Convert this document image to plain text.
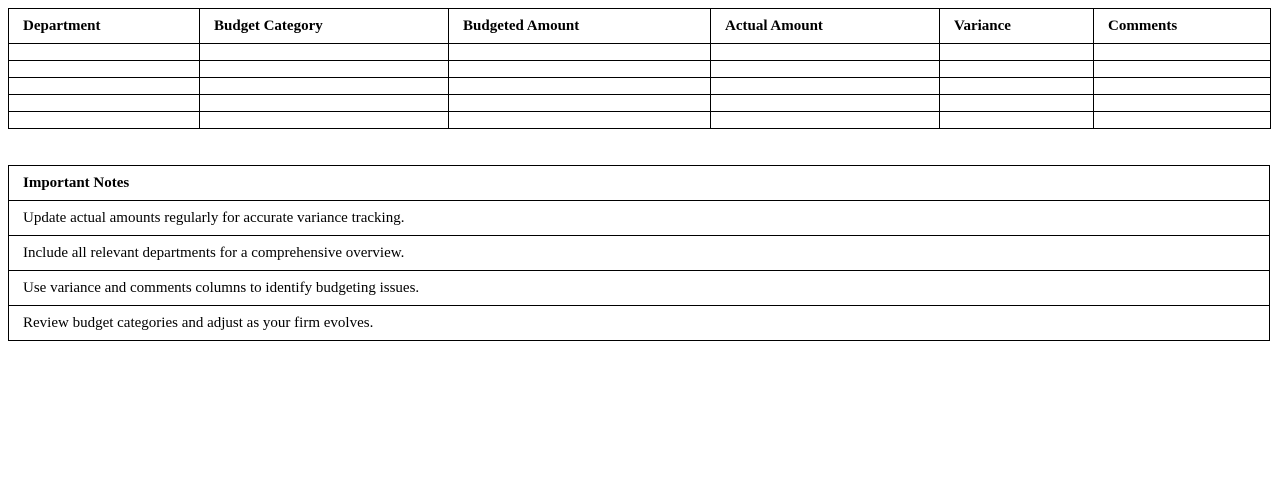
Department	Budget Category	Budgeted Amount	Actual Amount	Variance	Comments

Important Notes
Update actual amounts regularly for accurate variance tracking.
Include all relevant departments for a comprehensive overview.
Use variance and comments columns to identify budgeting issues.
Review budget categories and adjust as your firm evolves.
